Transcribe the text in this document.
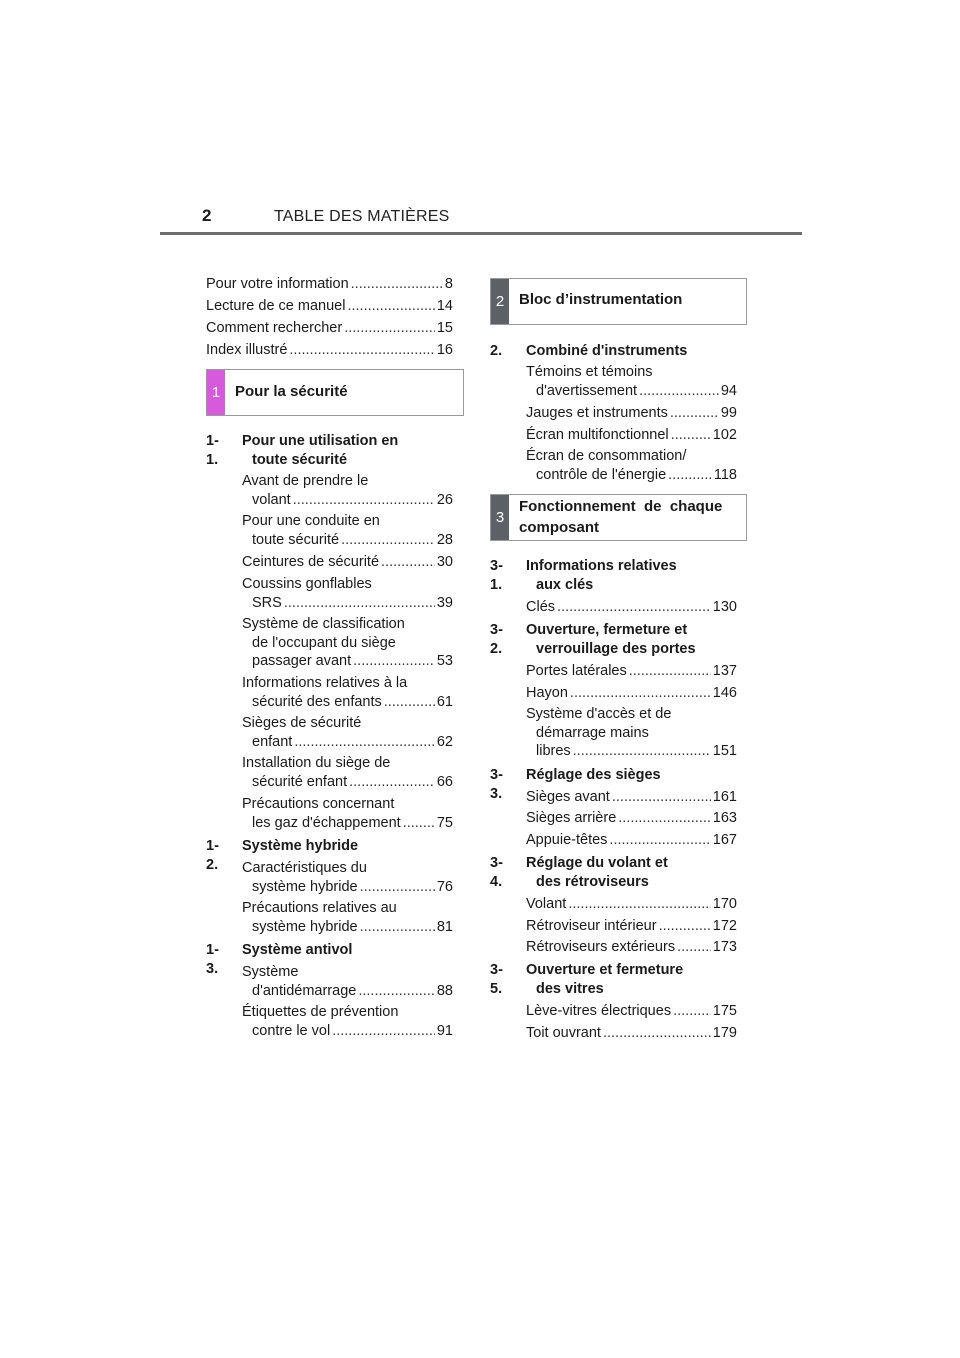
2	TABLE DES MATIÈRES
Pour votre information .....	8
Lecture de ce manuel .....	14
Comment rechercher .....	15
Index illustré .....	16
1 Pour la sécurité
1-1.
Pour une utilisation en
toute sécurité
Avant de prendre le
volant .....	26
Pour une conduite en
toute sécurité .....	28
Ceintures de sécurité .....	30
Coussins gonflables
SRS .....	39
Système de classification
de l'occupant du siège
passager avant .....	53
Informations relatives à la
sécurité des enfants .....	61
Sièges de sécurité
enfant .....	62
Installation du siège de
sécurité enfant .....	66
Précautions concernant
les gaz d'échappement ..... 75
1-2.
Système hybride
Caractéristiques du
système hybride .....	76
Précautions relatives au
système hybride .....	81
1-3.
Système antivol
Système
d'antidémarrage .....	88
Étiquettes de prévention
contre le vol .....	91
2 Bloc d’instrumentation
2. Combiné d'instruments
Témoins et témoins
d'avertissement .....	94
Jauges et instruments .....	99
Écran multifonctionnel .....	102
Écran de consommation/
contrôle de l'énergie .....	118
3
Fonctionnement  de  chaque
composant
3-1.
Informations relatives
aux clés
Clés .....	130
3-2.
Ouverture, fermeture et
verrouillage des portes
Portes latérales .....	137
Hayon .....	146
Système d'accès et de
démarrage mains
libres .....	151
3-3.
Réglage des sièges
Sièges avant .....	161
Sièges arrière .....	163
Appuie-têtes .....	167
3-4.
Réglage du volant et
des rétroviseurs
Volant .....	170
Rétroviseur intérieur .....	172
Rétroviseurs extérieurs .....	173
3-5.
Ouverture et fermeture
des vitres
Lève-vitres électriques .....	175
Toit ouvrant .....	179
